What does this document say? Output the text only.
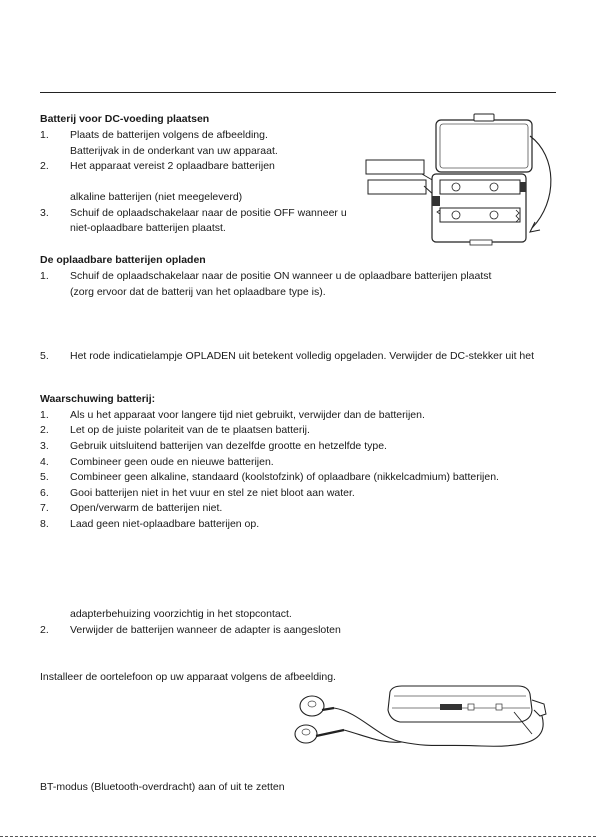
Batterij voor DC-voeding plaatsen
1. Plaats de batterijen volgens de afbeelding.
Batterijvak in de onderkant van uw apparaat.
2. Het apparaat vereist 2 oplaadbare batterijen
alkaline batterijen (niet meegeleverd)
3. Schuif de oplaadschakelaar naar de positie OFF wanneer u
niet-oplaadbare batterijen plaatst.
De oplaadbare batterijen opladen
1. Schuif de oplaadschakelaar naar de positie ON wanneer u de oplaadbare batterijen plaatst
(zorg ervoor dat de batterij van het oplaadbare type is).
5. Het rode indicatielampje OPLADEN uit betekent volledig opgeladen. Verwijder de DC-stekker uit het
Waarschuwing batterij:
1. Als u het apparaat voor langere tijd niet gebruikt, verwijder dan de batterijen.
2. Let op de juiste polariteit van de te plaatsen batterij.
3. Gebruik uitsluitend batterijen van dezelfde grootte en hetzelfde type.
4. Combineer geen oude en nieuwe batterijen.
5. Combineer geen alkaline, standaard (koolstofzink) of oplaadbare (nikkelcadmium) batterijen.
6. Gooi batterijen niet in het vuur en stel ze niet bloot aan water.
7. Open/verwarm de batterijen niet.
8. Laad geen niet-oplaadbare batterijen op.
adapterbehuizing voorzichtig in het stopcontact.
2. Verwijder de batterijen wanneer de adapter is aangesloten
Installeer de oortelefoon op uw apparaat volgens de afbeelding.
BT-modus (Bluetooth-overdracht) aan of uit te zetten
